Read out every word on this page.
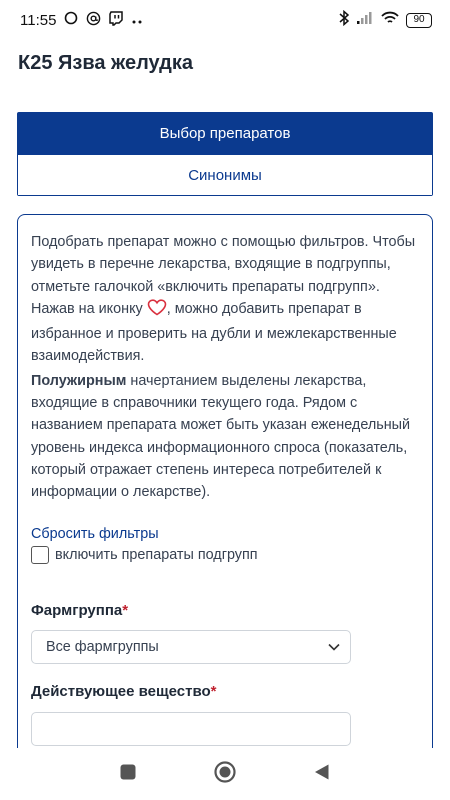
11:55	90
К25 Язва желудка
Выбор препаратов
Синонимы

Подобрать препарат можно с помощью фильтров. Чтобы увидеть в перечне лекарства, входящие в подгруппы, отметьте галочкой «включить препараты подгрупп». Нажав на иконку , можно добавить препарат в избранное и проверить на дубли и межлекарственные взаимодействия.

Полужирным начертанием выделены лекарства, входящие в справочники текущего года. Рядом с названием препарата может быть указан еженедельный уровень индекса информационного спроса (показатель, который отражает степень интереса потребителей к информации о лекарстве).

Сбросить фильтры
включить препараты подгрупп
Фармгруппа*
Все фармгруппы
Действующее вещество*
